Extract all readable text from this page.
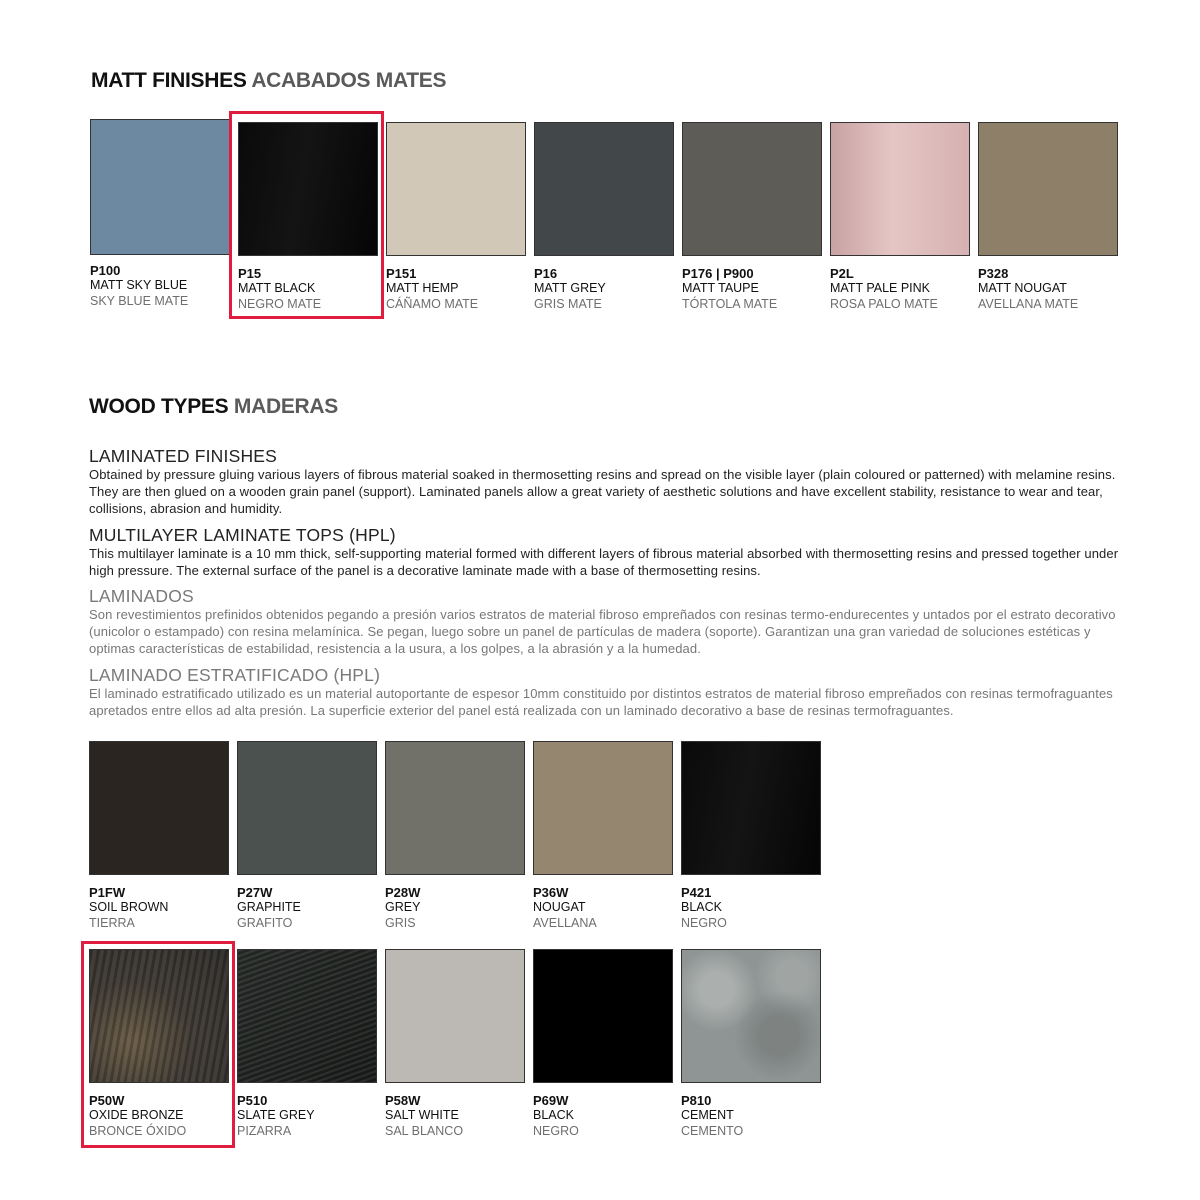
MATT FINISHES ACABADOS MATES
P100
MATT SKY BLUE
SKY BLUE MATE
P15
MATT BLACK
NEGRO MATE
P151
MATT HEMP
CÁÑAMO MATE
P16
MATT GREY
GRIS MATE
P176 | P900
MATT TAUPE
TÓRTOLA MATE
P2L
MATT PALE PINK
ROSA PALO MATE
P328
MATT NOUGAT
AVELLANA MATE
WOOD TYPES MADERAS
LAMINATED FINISHES

Obtained by pressure gluing various layers of fibrous material soaked in thermosetting resins and spread on the visible layer (plain coloured or patterned) with melamine resins. They are then glued on a wooden grain panel (support). Laminated panels allow a great variety of aesthetic solutions and have excellent stability, resistance to wear and tear, collisions, abrasion and humidity.

MULTILAYER LAMINATE TOPS (HPL)

This multilayer laminate is a 10 mm thick, self-supporting material formed with different layers of fibrous material absorbed with thermosetting resins and pressed together under high pressure. The external surface of the panel is a decorative laminate made with a base of thermosetting resins.

LAMINADOS

Son revestimientos prefinidos obtenidos pegando a presión varios estratos de material fibroso empreñados con resinas termo-endurecentes y untados por el estrato decorativo (unicolor o estampado) con resina melamínica. Se pegan, luego sobre un panel de partículas de madera (soporte). Garantizan una gran variedad de soluciones estéticas y optimas características de estabilidad, resistencia a la usura, a los golpes, a la abrasión y a la humedad.

LAMINADO ESTRATIFICADO (HPL)

El laminado estratificado utilizado es un material autoportante de espesor 10mm constituido por distintos estratos de material fibroso empreñados con resinas termofraguantes apretados entre ellos ad alta presión. La superficie exterior del panel está realizada con un laminado decorativo a base de resinas termofraguantes.

P1FW
SOIL BROWN
TIERRA
P27W
GRAPHITE
GRAFITO
P28W
GREY
GRIS
P36W
NOUGAT
AVELLANA
P421
BLACK
NEGRO
P50W
OXIDE BRONZE
BRONCE ÓXIDO
P510
SLATE GREY
PIZARRA
P58W
SALT WHITE
SAL BLANCO
P69W
BLACK
NEGRO
P810
CEMENT
CEMENTO
